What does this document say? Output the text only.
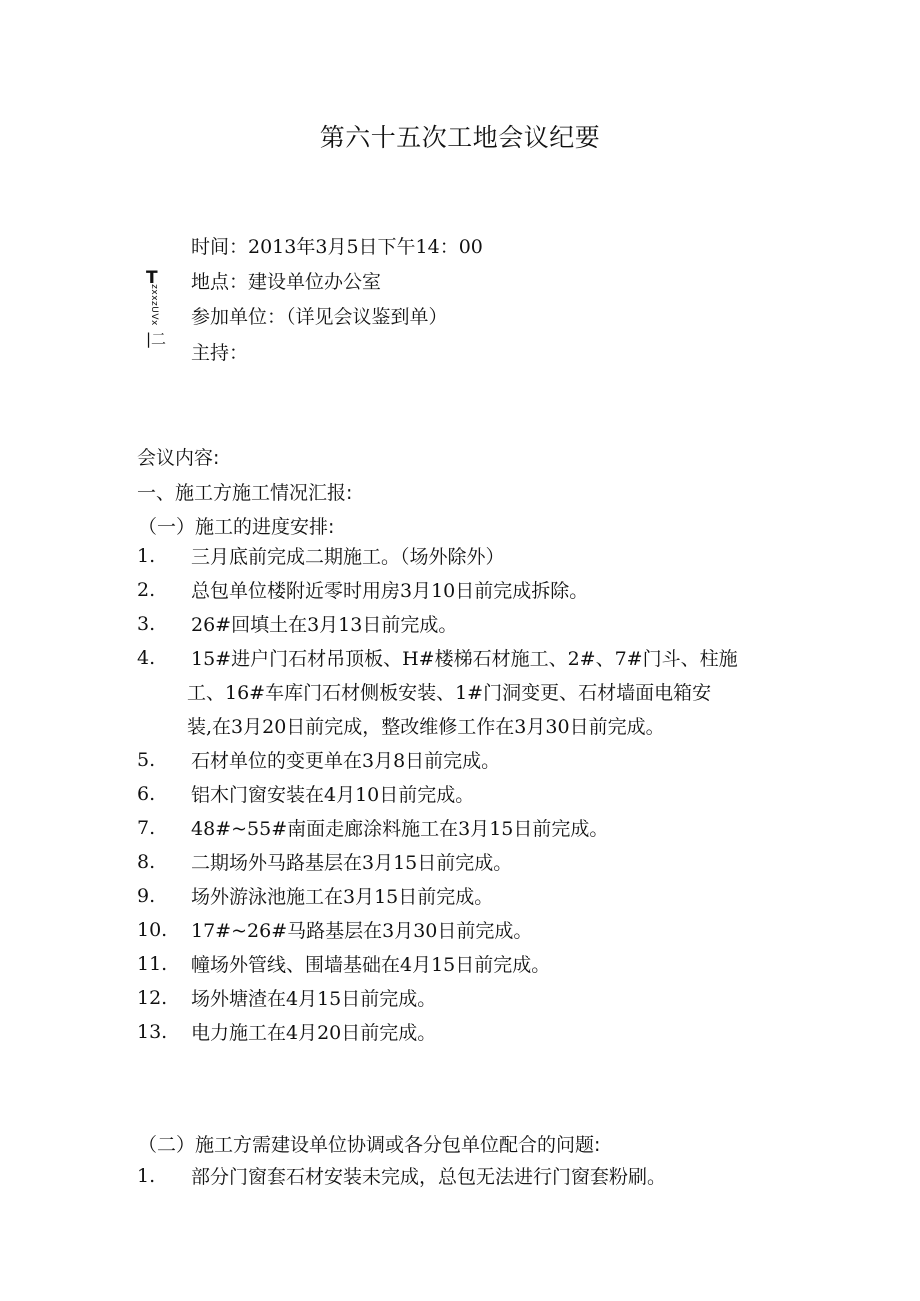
第六十五次工地会议纪要
时间：2013年3月5日下午14：00
地点：建设单位办公室
参加单位：（详见会议鉴到单）
主持：
T
zxxzUVx
|二
会议内容:
一、施工方施工情况汇报:
（一）施工的进度安排:
1. 三月底前完成二期施工。（场外除外）
2. 总包单位楼附近零时用房3月10日前完成拆除。
3. 26#回填土在3月13日前完成。
4. 15#进户门石材吊顶板、H#楼梯石材施工、2#、7#门斗、柱施
工、16#车库门石材侧板安装、1#门洞变更、石材墙面电箱安
装,在3月20日前完成，整改维修工作在3月30日前完成。
5. 石材单位的变更单在3月8日前完成。
6. 铝木门窗安装在4月10日前完成。
7. 48#~55#南面走廊涂料施工在3月15日前完成。
8. 二期场外马路基层在3月15日前完成。
9. 场外游泳池施工在3月15日前完成。
10. 17#~26#马路基层在3月30日前完成。
11. 幢场外管线、围墙基础在4月15日前完成。
12. 场外塘渣在4月15日前完成。
13. 电力施工在4月20日前完成。
（二）施工方需建设单位协调或各分包单位配合的问题:
1. 部分门窗套石材安装未完成，总包无法进行门窗套粉刷。
